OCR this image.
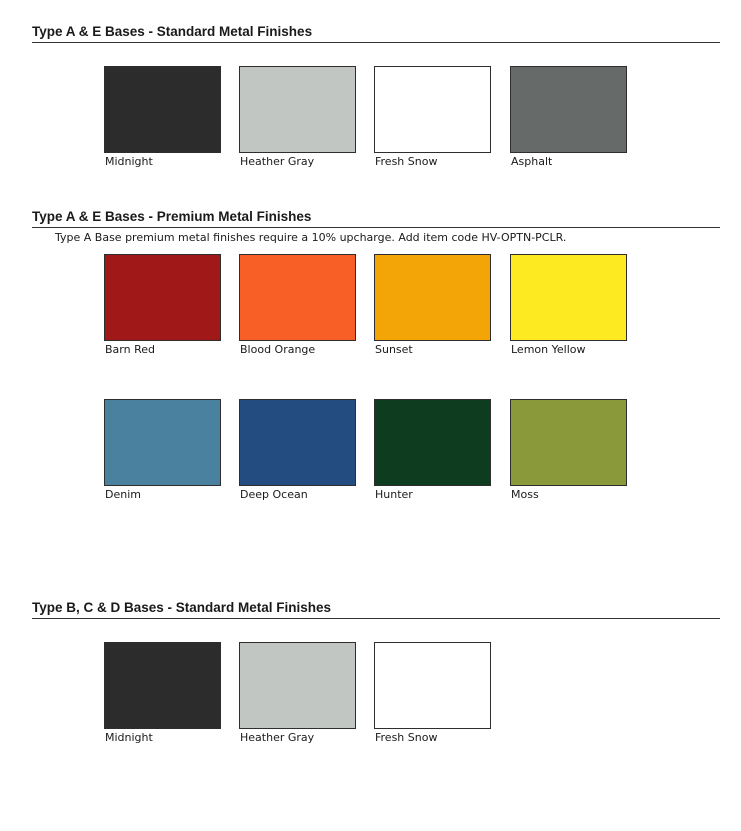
Type A & E Bases - Standard Metal Finishes
Midnight	Heather Gray	Fresh Snow	Asphalt
Type A & E Bases - Premium Metal Finishes
Type A Base premium metal finishes require a 10% upcharge. Add item code HV-OPTN-PCLR.
Barn Red	Blood Orange	Sunset	Lemon Yellow
Denim	Deep Ocean	Hunter	Moss
Type B, C & D Bases - Standard Metal Finishes
Midnight	Heather Gray	Fresh Snow
